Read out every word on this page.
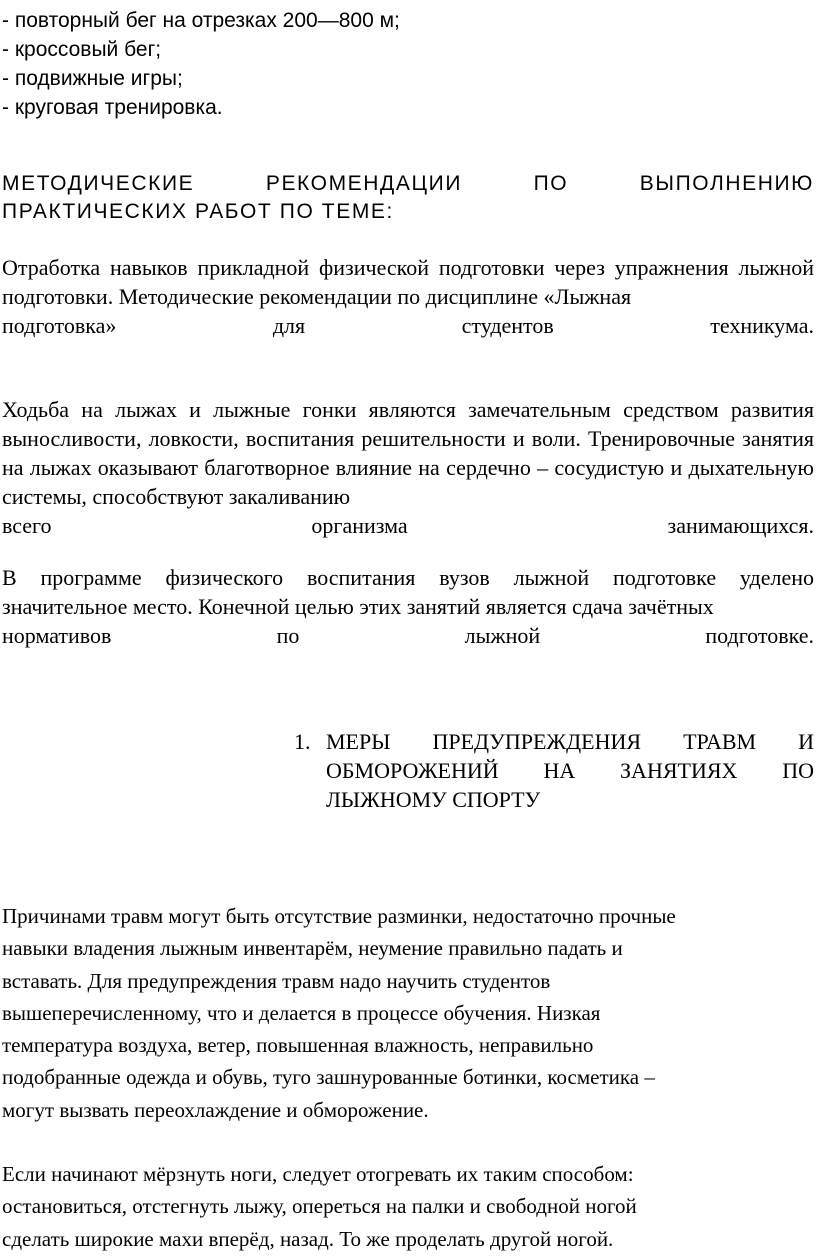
- повторный бег на отрезках 200—800 м;
- кроссовый бег;
- подвижные игры;
- круговая тренировка.
МЕТОДИЧЕСКИЕ РЕКОМЕНДАЦИИ ПО ВЫПОЛНЕНИЮ
ПРАКТИЧЕСКИХ РАБОТ ПО ТЕМЕ:
Отработка навыков прикладной физической подготовки через упражнения лыжной подготовки. Методические рекомендации по дисциплине «Лыжная
подготовка» для студентов техникума.
Ходьба на лыжах и лыжные гонки являются замечательным средством развития выносливости, ловкости, воспитания решительности и воли. Тренировочные занятия на лыжах оказывают благотворное влияние на сердечно – сосудистую и дыхательную системы, способствуют закаливанию
всего организма занимающихся.
В программе физического воспитания вузов лыжной подготовке уделено значительное место. Конечной целью этих занятий является сдача зачётных
нормативов по лыжной подготовке.
1. МЕРЫ ПРЕДУПРЕЖДЕНИЯ ТРАВМ И
ОБМОРОЖЕНИЙ НА ЗАНЯТИЯХ ПО
ЛЫЖНОМУ СПОРТУ
Причинами травм могут быть отсутствие разминки, недостаточно прочные
навыки владения лыжным инвентарём, неумение правильно падать и
вставать. Для предупреждения травм надо научить студентов
вышеперечисленному, что и делается в процессе обучения. Низкая
температура воздуха, ветер, повышенная влажность, неправильно
подобранные одежда и обувь, туго зашнурованные ботинки, косметика –
могут вызвать переохлаждение и обморожение.
Если начинают мёрзнуть ноги, следует отогревать их таким способом:
остановиться, отстегнуть лыжу, опереться на палки и свободной ногой
сделать широкие махи вперёд, назад. То же проделать другой ногой.
